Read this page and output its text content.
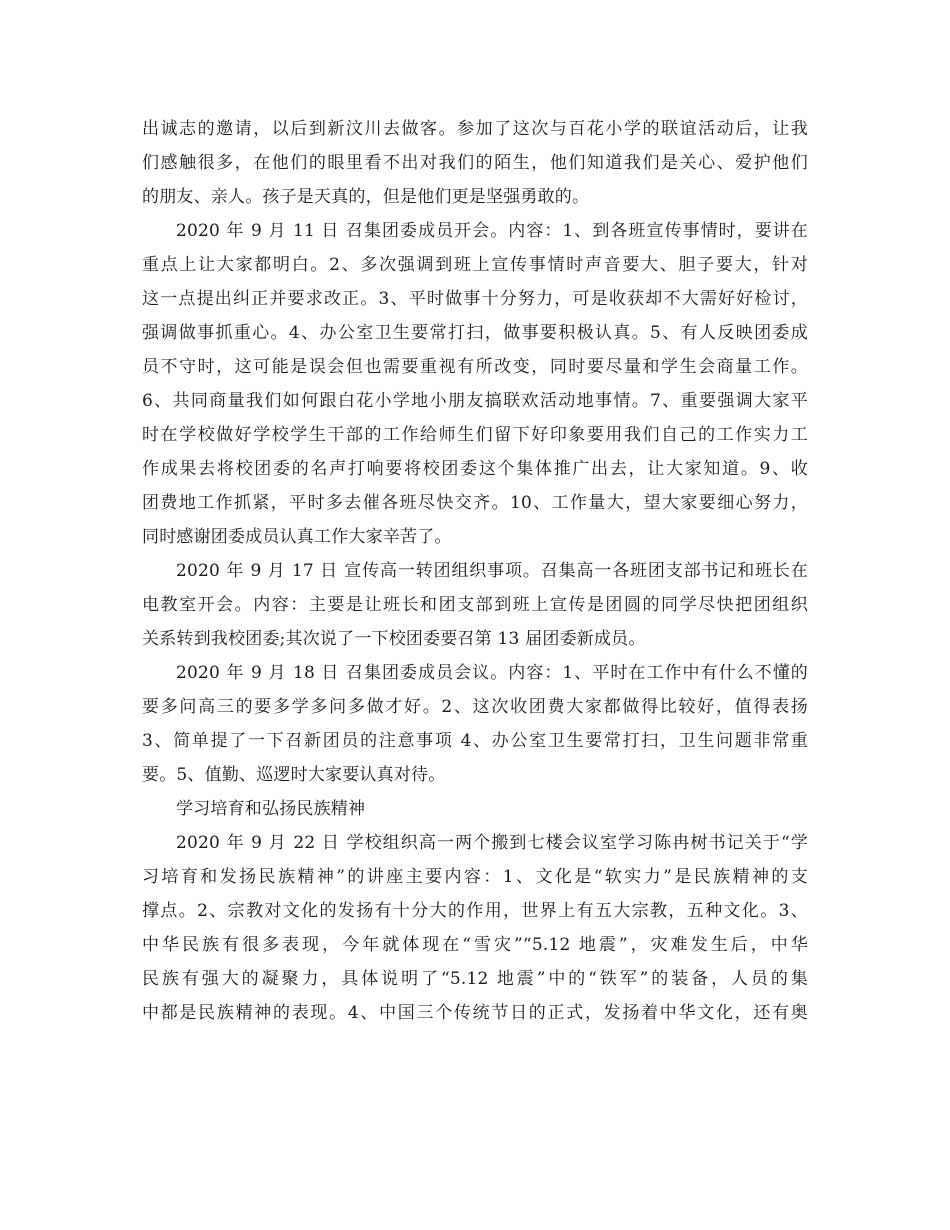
出诚志的邀请，以后到新汶川去做客。参加了这次与百花小学的联谊活动后，让我
们感触很多，在他们的眼里看不出对我们的陌生，他们知道我们是关心、爱护他们
的朋友、亲人。孩子是天真的，但是他们更是坚强勇敢的。
2020 年 9 月 11 日 召集团委成员开会。内容：1、到各班宣传事情时，要讲在
重点上让大家都明白。2、多次强调到班上宣传事情时声音要大、胆子要大，针对
这一点提出纠正并要求改正。3、平时做事十分努力，可是收获却不大需好好检讨，
强调做事抓重心。4、办公室卫生要常打扫，做事要积极认真。5、有人反映团委成
员不守时，这可能是误会但也需要重视有所改变，同时要尽量和学生会商量工作。
6、共同商量我们如何跟白花小学地小朋友搞联欢活动地事情。7、重要强调大家平
时在学校做好学校学生干部的工作给师生们留下好印象要用我们自己的工作实力工
作成果去将校团委的名声打响要将校团委这个集体推广出去，让大家知道。9、收
团费地工作抓紧，平时多去催各班尽快交齐。10、工作量大，望大家要细心努力，
同时感谢团委成员认真工作大家辛苦了。
2020 年 9 月 17 日 宣传高一转团组织事项。召集高一各班团支部书记和班长在
电教室开会。内容：主要是让班长和团支部到班上宣传是团圆的同学尽快把团组织
关系转到我校团委;其次说了一下校团委要召第 13 届团委新成员。
2020 年 9 月 18 日 召集团委成员会议。内容：1、平时在工作中有什么不懂的
要多问高三的要多学多问多做才好。2、这次收团费大家都做得比较好，值得表扬
3、简单提了一下召新团员的注意事项 4、办公室卫生要常打扫，卫生问题非常重
要。5、值勤、巡逻时大家要认真对待。
学习培育和弘扬民族精神
2020 年 9 月 22 日 学校组织高一两个搬到七楼会议室学习陈冉树书记关于“学
习培育和发扬民族精神”的讲座主要内容：1、文化是“软实力”是民族精神的支
撑点。2、宗教对文化的发扬有十分大的作用，世界上有五大宗教，五种文化。3、
中华民族有很多表现，今年就体现在“雪灾”“5.12 地震”，灾难发生后，中华
民族有强大的凝聚力，具体说明了“5.12 地震”中的“铁军”的装备，人员的集
中都是民族精神的表现。4、中国三个传统节日的正式，发扬着中华文化，还有奥
